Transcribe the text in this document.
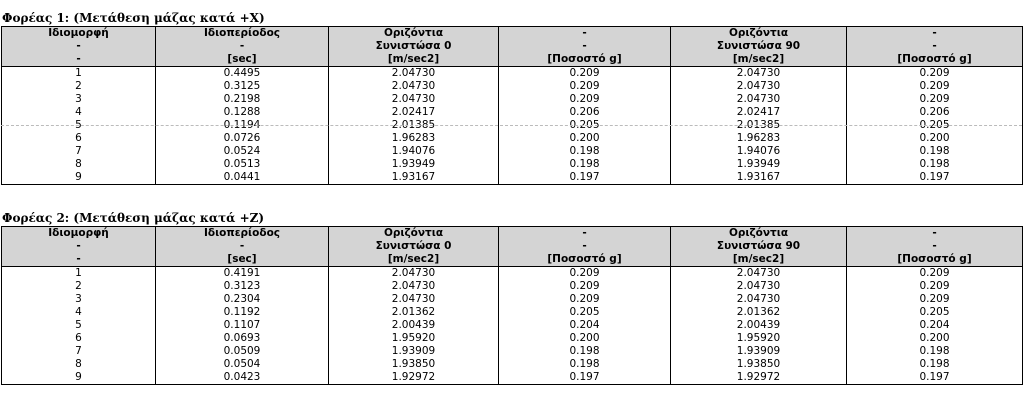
Φορέας 1: (Μετάθεση μάζας κατά +X)
Ιδιομορφή	Ιδιοπερίοδος	Οριζόντια	-	Οριζόντια	-
-	-	Συνιστώσα 0	-	Συνιστώσα 90	-
-	[sec]	[m/sec2]	[Ποσοστό g]	[m/sec2]	[Ποσοστό g]
1	0.4495	2.04730	0.209	2.04730	0.209
2	0.3125	2.04730	0.209	2.04730	0.209
3	0.2198	2.04730	0.209	2.04730	0.209
4	0.1288	2.02417	0.206	2.02417	0.206
5	0.1194	2.01385	0.205	2.01385	0.205
6	0.0726	1.96283	0.200	1.96283	0.200
7	0.0524	1.94076	0.198	1.94076	0.198
8	0.0513	1.93949	0.198	1.93949	0.198
9	0.0441	1.93167	0.197	1.93167	0.197
Φορέας 2: (Μετάθεση μάζας κατά +Z)
Ιδιομορφή	Ιδιοπερίοδος	Οριζόντια	-	Οριζόντια	-
-	-	Συνιστώσα 0	-	Συνιστώσα 90	-
-	[sec]	[m/sec2]	[Ποσοστό g]	[m/sec2]	[Ποσοστό g]
1	0.4191	2.04730	0.209	2.04730	0.209
2	0.3123	2.04730	0.209	2.04730	0.209
3	0.2304	2.04730	0.209	2.04730	0.209
4	0.1192	2.01362	0.205	2.01362	0.205
5	0.1107	2.00439	0.204	2.00439	0.204
6	0.0693	1.95920	0.200	1.95920	0.200
7	0.0509	1.93909	0.198	1.93909	0.198
8	0.0504	1.93850	0.198	1.93850	0.198
9	0.0423	1.92972	0.197	1.92972	0.197
